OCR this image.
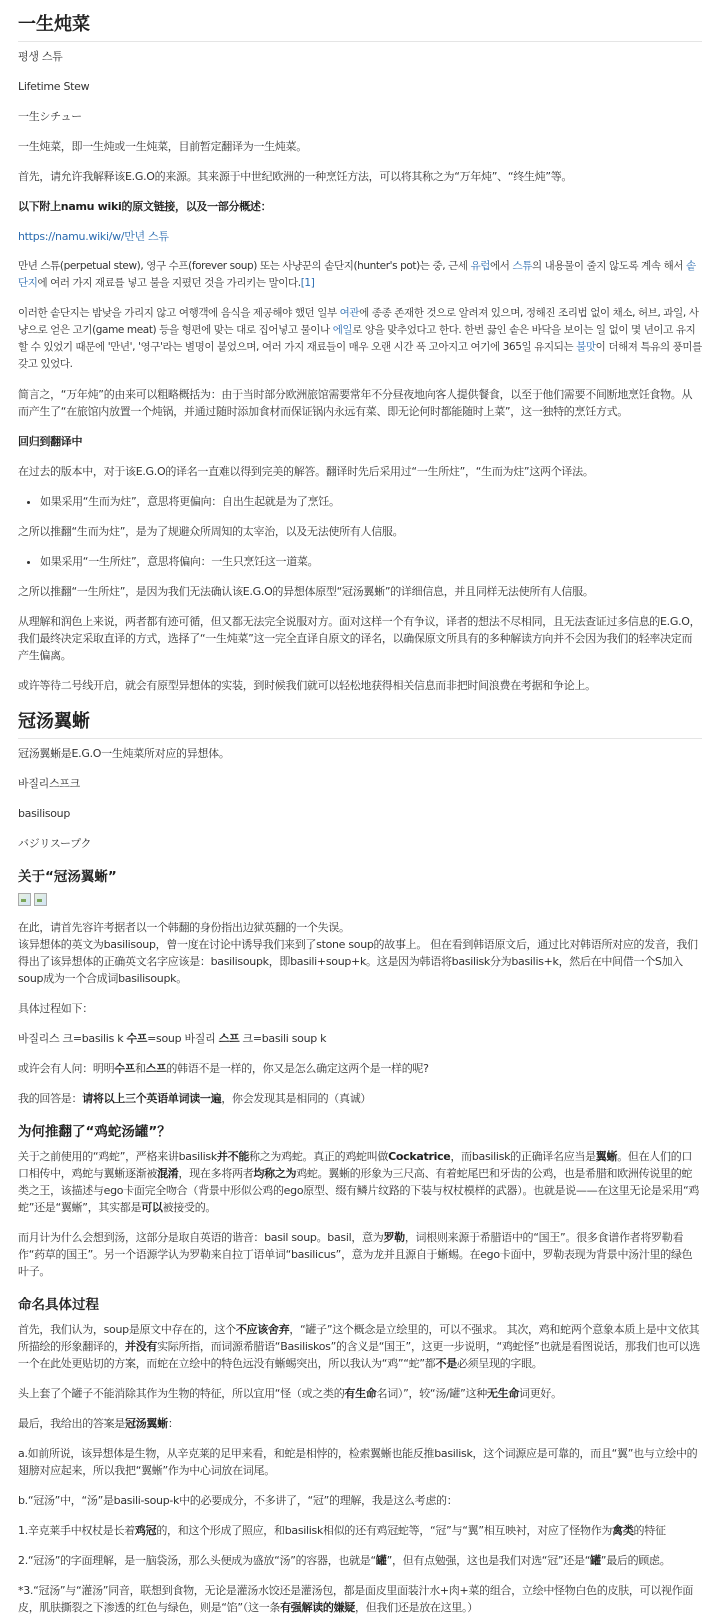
一生炖菜

평생 스튜

Lifetime Stew

一生シチュー

一生炖菜，即一生炖或一生炖菜，目前暂定翻译为一生炖菜。

首先，请允许我解释该E.G.O的来源。其来源于中世纪欧洲的一种烹饪方法，可以将其称之为“万年炖”、“终生炖”等。

以下附上namu wiki的原文链接，以及一部分概述：

https://namu.wiki/w/만년 스튜

만년 스튜(perpetual stew), 영구 수프(forever soup) 또는 사냥꾼의 솥단지(hunter's pot)는 중, 근세 유럽에서 스튜의 내용물이 줄지 않도록 계속 해서 솥단지에 여러 가지 재료를 넣고 불을 지폈던 것을 가리키는 말이다.[1]

이러한 솥단지는 밤낮을 가리지 않고 여행객에 음식을 제공해야 했던 일부 여관에 종종 존재한 것으로 알려져 있으며, 정해진 조리법 없이 채소, 허브, 과일, 사냥으로 얻은 고기(game meat) 등을 형편에 맞는 대로 집어넣고 물이나 에일로 양을 맞추었다고 한다. 한번 끓인 솥은 바닥을 보이는 일 없이 몇 년이고 유지할 수 있었기 때문에 '만년', '영구'라는 별명이 붙었으며, 여러 가지 재료들이 매우 오랜 시간 푹 고아지고 여기에 365일 유지되는 불맛이 더해져 특유의 풍미를 갖고 있었다.

简言之，“万年炖”的由来可以粗略概括为：由于当时部分欧洲旅馆需要常年不分昼夜地向客人提供餐食，以至于他们需要不间断地烹饪食物。从而产生了“在旅馆内放置一个炖锅，并通过随时添加食材而保证锅内永远有菜、即无论何时都能随时上菜”，这一独特的烹饪方式。

回归到翻译中

在过去的版本中，对于该E.G.O的译名一直难以得到完美的解答。翻译时先后采用过“一生所炷”，“生而为炷”这两个译法。

• 如果采用“生而为炷”，意思将更偏向：自出生起就是为了烹饪。

之所以推翻“生而为炷”，是为了规避众所周知的太宰治，以及无法使所有人信服。

• 如果采用“一生所炷”，意思将偏向：一生只烹饪这一道菜。

之所以推翻“一生所炷”，是因为我们无法确认该E.G.O的异想体原型“冠汤翼蜥”的详细信息，并且同样无法使所有人信服。

从理解和润色上来说，两者都有迹可循，但又都无法完全说服对方。面对这样一个有争议，译者的想法不尽相同，且无法查证过多信息的E.G.O，我们最终决定采取直译的方式，选择了“一生炖菜”这一完全直译自原文的译名，以确保原文所具有的多种解读方向并不会因为我们的轻率决定而产生偏离。

或许等待二号线开启，就会有原型异想体的实装，到时候我们就可以轻松地获得相关信息而非把时间浪费在考据和争论上。

冠汤翼蜥

冠汤翼蜥是E.G.O一生炖菜所对应的异想体。

바질리스프크

basilisoup

バジリスープク

关于“冠汤翼蜥”

在此，请首先容许考据者以一个韩翻的身份指出边狱英翻的一个失误。
该异想体的英文为basilisoup，曾一度在讨论中诱导我们来到了stone soup的故事上。 但在看到韩语原文后，通过比对韩语所对应的发音，我们得出了该异想体的正确英文名字应该是：basilisoupk，即basili+soup+k。这是因为韩语将basilisk分为basilis+k，然后在中间借一个S加入soup成为一个合成词basilisoupk。

具体过程如下：

바질리스 크=basilis k 수프=soup 바질리 스프 크=basili soup k

或许会有人问：明明수프和스프的韩语不是一样的，你又是怎么确定这两个是一样的呢?

我的回答是：请将以上三个英语单词读一遍，你会发现其是相同的（真诚）

为何推翻了“鸡蛇汤罐”？

关于之前使用的“鸡蛇”，严格来讲basilisk并不能称之为鸡蛇。真正的鸡蛇叫做Cockatrice，而basilisk的正确译名应当是翼蜥。但在人们的口口相传中，鸡蛇与翼蜥逐渐被混淆，现在多将两者均称之为鸡蛇。翼蜥的形象为三尺高、有着蛇尾巴和牙齿的公鸡，也是希腊和欧洲传说里的蛇类之王，该描述与ego卡面完全吻合（背景中形似公鸡的ego原型、缀有鳞片纹路的下装与权杖模样的武器）。也就是说——在这里无论是采用“鸡蛇”还是“翼蜥”，其实都是可以被接受的。

而月计为什么会想到汤，这部分是取自英语的谐音：basil soup。basil，意为罗勒，词根则来源于希腊语中的“国王”。很多食谱作者将罗勒看作“药草的国王”。另一个语源学认为罗勒来自拉丁语单词“basilicus”，意为龙并且源自于蜥蜴。在ego卡面中，罗勒表现为背景中汤汁里的绿色叶子。

命名具体过程

首先，我们认为，soup是原文中存在的，这个不应该舍弃，“罐子”这个概念是立绘里的，可以不强求。 其次，鸡和蛇两个意象本质上是中文依其所描绘的形象翻译的，并没有实际所指，而词源希腊语“Basiliskos”的含义是“国王”，这更一步说明，“鸡蛇怪”也就是看图说话，那我们也可以选一个在此处更贴切的方案，而蛇在立绘中的特色远没有蜥蜴突出，所以我认为“鸡”“蛇”都不是必须呈现的字眼。

头上套了个罐子不能消除其作为生物的特征，所以宜用“怪（或之类的有生命名词）”，较“汤/罐”这种无生命词更好。

最后，我给出的答案是冠汤翼蜥：

a.如前所说，该异想体是生物，从辛克莱的足甲来看，和蛇是相悖的，检索翼蜥也能反推basilisk，这个词源应是可靠的，而且“翼”也与立绘中的翅膀对应起来，所以我把“翼蜥”作为中心词放在词尾。

b.“冠汤”中，“汤”是basili-soup-k中的必要成分，不多讲了，“冠”的理解，我是这么考虑的：

1.辛克莱手中权杖是长着鸡冠的，和这个形成了照应，和basilisk相似的还有鸡冠蛇等，“冠”与“翼”相互映衬，对应了怪物作为禽类的特征

2.“冠汤”的字面理解，是一脑袋汤，那么头便成为盛放“汤”的容器，也就是“罐”，但有点勉强，这也是我们对选“冠”还是“罐”最后的顾虑。

*3.“冠汤”与“灌汤”同音，联想到食物，无论是灌汤水饺还是灌汤包，都是面皮里面装汁水+肉+菜的组合，立绘中怪物白色的皮肤，可以视作面皮，肌肤撕裂之下渗透的红色与绿色，则是“馅”（这一条有强解读的嫌疑，但我们还是放在这里。）
